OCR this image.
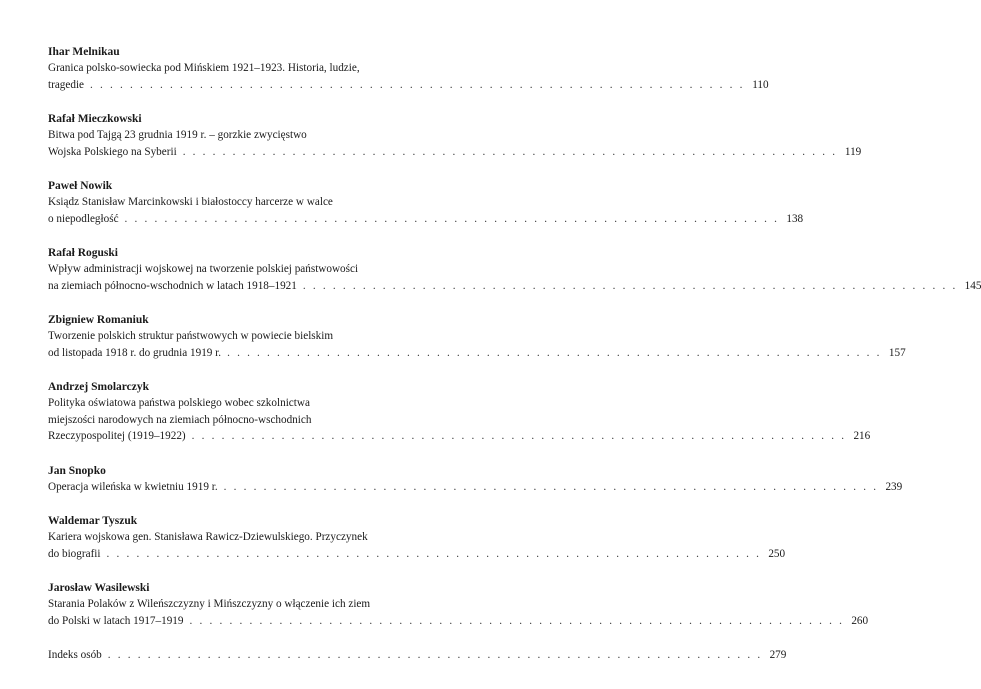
Ihar Melnikau
Granica polsko-sowiecka pod Mińskiem 1921–1923. Historia, ludzie,
tragedie . . . . . . . . . . . . . . . . . . . . . . . . . . . . . . . . . . . . . . . . . . . . . . . . . . . . . . . . . . . . . . . . . . 110
Rafał Mieczkowski
Bitwa pod Tajgą 23 grudnia 1919 r. – gorzkie zwycięstwo
Wojska Polskiego na Syberii . . . . . . . . . . . . . . . . . . . . . . . . . . . . . . . . . . . . . . . . . . . . . . . . . . . . . . . . . . . . . . . . . . 119
Paweł Nowik
Ksiądz Stanisław Marcinkowski i białostoccy harcerze w walce
o niepodległość . . . . . . . . . . . . . . . . . . . . . . . . . . . . . . . . . . . . . . . . . . . . . . . . . . . . . . . . . . . . . . . . . . 138
Rafał Roguski
Wpływ administracji wojskowej na tworzenie polskiej państwowości
na ziemiach północno-wschodnich w latach 1918–1921 . . . . . . . . . . . . . . . . . . . . . . . . . . . . . . . . . . . . . . . . . . . . . . . . . . . . . . . . . . . . . . . . . . 145
Zbigniew Romaniuk
Tworzenie polskich struktur państwowych w powiecie bielskim
od listopada 1918 r. do grudnia 1919 r. . . . . . . . . . . . . . . . . . . . . . . . . . . . . . . . . . . . . . . . . . . . . . . . . . . . . . . . . . . . . . . . . . . 157
Andrzej Smolarczyk
Polityka oświatowa państwa polskiego wobec szkolnictwa
miejszości narodowych na ziemiach północno-wschodnich
Rzeczypospolitej (1919–1922) . . . . . . . . . . . . . . . . . . . . . . . . . . . . . . . . . . . . . . . . . . . . . . . . . . . . . . . . . . . . . . . . . . 216
Jan Snopko
Operacja wileńska w kwietniu 1919 r. . . . . . . . . . . . . . . . . . . . . . . . . . . . . . . . . . . . . . . . . . . . . . . . . . . . . . . . . . . . . . . . . . . 239
Waldemar Tyszuk
Kariera wojskowa gen. Stanisława Rawicz-Dziewulskiego. Przyczynek
do biografii . . . . . . . . . . . . . . . . . . . . . . . . . . . . . . . . . . . . . . . . . . . . . . . . . . . . . . . . . . . . . . . . . . 250
Jarosław Wasilewski
Starania Polaków z Wileńszczyzny i Mińszczyzny o włączenie ich ziem
do Polski w latach 1917–1919 . . . . . . . . . . . . . . . . . . . . . . . . . . . . . . . . . . . . . . . . . . . . . . . . . . . . . . . . . . . . . . . . . . 260
Indeks osób . . . . . . . . . . . . . . . . . . . . . . . . . . . . . . . . . . . . . . . . . . . . . . . . . . . . . . . . . . . . . . . . . . 279
